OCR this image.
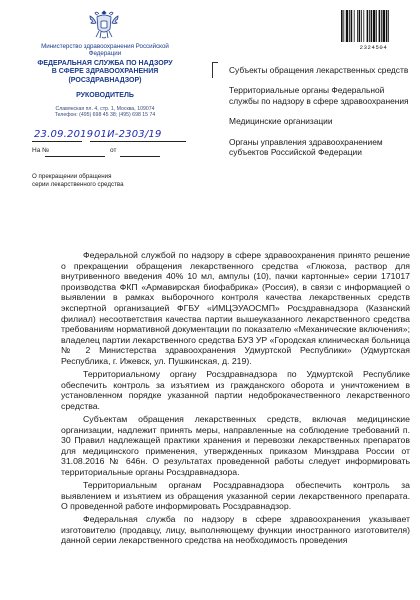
Министерство здравоохранения Российской Федерации
ФЕДЕРАЛЬНАЯ СЛУЖБА ПО НАДЗОРУ
В СФЕРЕ ЗДРАВООХРАНЕНИЯ
(РОСЗДРАВНАДЗОР)
РУКОВОДИТЕЛЬ
Славянская пл. 4, стр. 1, Москва, 109074
Телефон: (495) 698 45 38; (495) 698 15 74
23.09.2019 01И-2303/19
На №	от
О прекращении обращения
серии лекарственного средства
2324504
Субъекты обращения лекарственных средств
Территориальные органы Федеральной службы по надзору в сфере здравоохранения
Медицинские организации
Органы управления здравоохранением субъектов Российской Федерации

Федеральной службой по надзору в сфере здравоохранения принято решение о прекращении обращения лекарственного средства «Глюкоза, раствор для внутривенного введения 40% 10 мл, ампулы (10), пачки картонные» серии 171017 производства ФКП «Армавирская биофабрика» (Россия), в связи с информацией о выявлении в рамках выборочного контроля качества лекарственных средств экспертной организацией ФГБУ «ИМЦЭУАОСМП» Росздравнадзора (Казанский филиал) несоответствия качества партии вышеуказанного лекарственного средства требованиям нормативной документации по показателю «Механические включения»; владелец партии лекарственного средства БУЗ УР «Городская клиническая больница № 2 Министерства здравоохранения Удмуртской Республики» (Удмуртская Республика, г. Ижевск, ул. Пушкинская, д. 219).

Территориальному органу Росздравнадзора по Удмуртской Республике обеспечить контроль за изъятием из гражданского оборота и уничтожением в установленном порядке указанной партии недоброкачественного лекарственного средства.

Субъектам обращения лекарственных средств, включая медицинские организации, надлежит принять меры, направленные на соблюдение требований п. 30 Правил надлежащей практики хранения и перевозки лекарственных препаратов для медицинского применения, утвержденных приказом Минздрава России от 31.08.2016 № 646н. О результатах проведенной работы следует информировать территориальные органы Росздравнадзора.

Территориальным органам Росздравнадзора обеспечить контроль за выявлением и изъятием из обращения указанной серии лекарственного препарата. О проведенной работе информировать Росздравнадзор.

Федеральная служба по надзору в сфере здравоохранения указывает изготовителю (продавцу, лицу, выполняющему функции иностранного изготовителя) данной серии лекарственного средства на необходимость проведения
